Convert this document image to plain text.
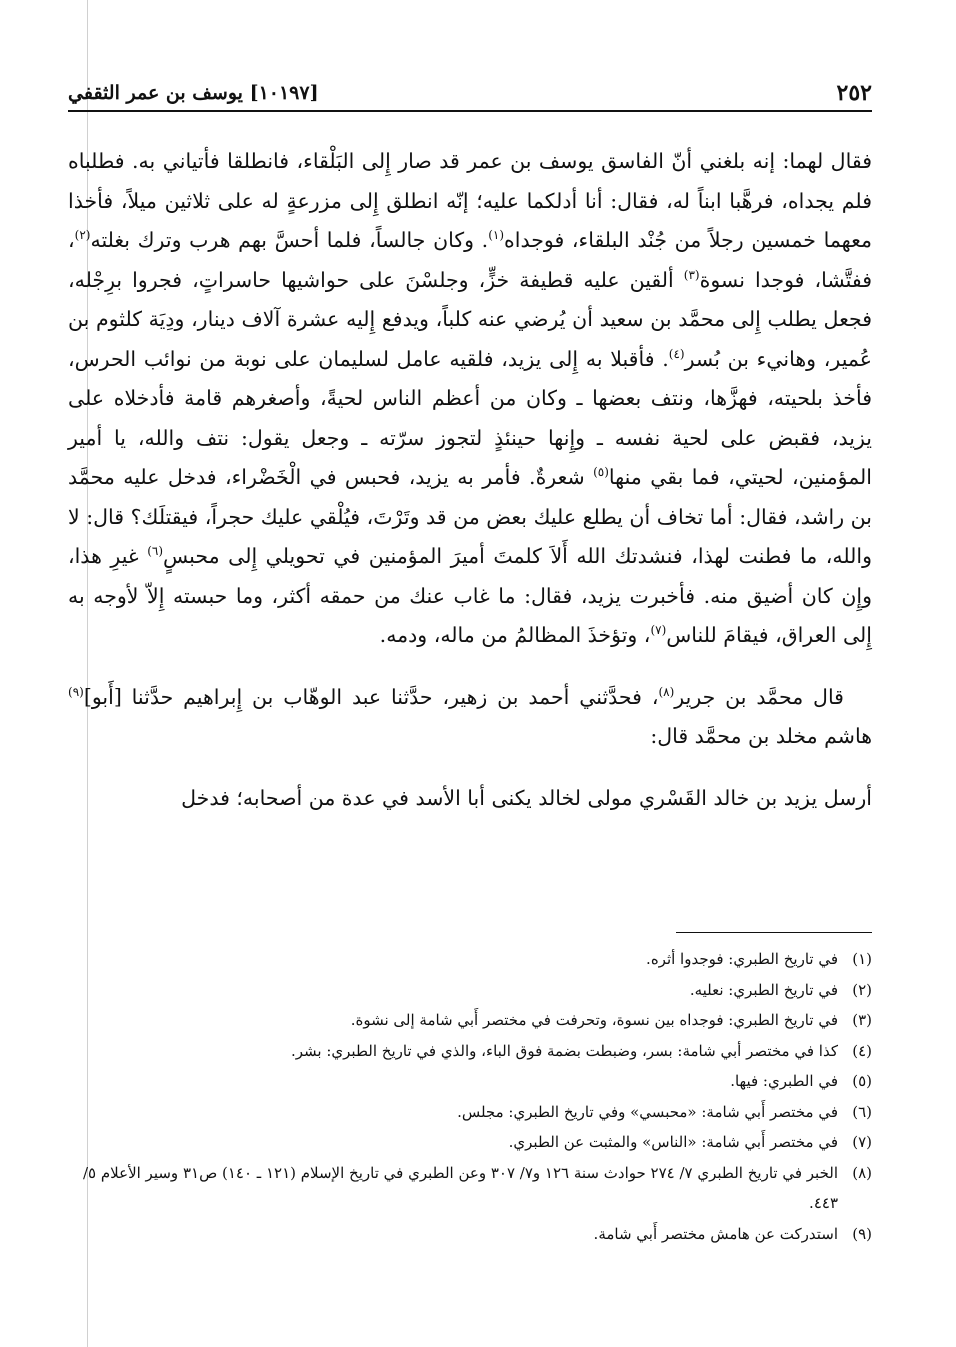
٢٥٢
[١٠١٩٧] يوسف بن عمر الثقفي

فقال لهما: إنه بلغني أنّ الفاسق يوسف بن عمر قد صار إِلى البَلْقاء، فانطلقا فأتياني به. فطلباه فلم يجداه، فرهَّبا ابناً له، فقال: أنا أدلكما عليه؛ إنّه انطلق إِلى مزرعةٍ له على ثلاثين ميلاً، فأخذا معهما خمسين رجلاً من جُنْد البلقاء، فوجداه$^{(١)}$. وكان جالساً، فلما أحسَّ بهم هرب وترك بغلته$^{(٢)}$، ففتَّشا، فوجدا نسوة$^{(٣)}$ ألقين عليه قطيفة خزٍّ، وجلسْنَ على حواشيها حاسراتٍ، فجروا برِجْله، فجعل يطلب إِلى محمَّد بن سعيد أن يُرضي عنه كلباً، ويدفع إِليه عشرة آلاف دينار، ودِيَة كلثوم بن عُمير، وهانيء بن بُسر$^{(٤)}$. فأقبلا به إِلى يزيد، فلقيه عامل لسليمان على نوبة من نوائب الحرس، فأخذ بلحيته، فهزَّها، ونتف بعضها ـ وكان من أعظم الناس لحيةً، وأصغرهم قامة فأدخلاه على يزيد، فقبض على لحية نفسه ـ وإِنها حينئذٍ لتجوز سرّته ـ وجعل يقول: نتف والله، يا أمير المؤمنين، لحيتي، فما بقي منها$^{(٥)}$ شعرةٌ. فأمر به يزيد، فحبس في الْخَضْراء، فدخل عليه محمَّد بن راشد، فقال: أما تخاف أن يطلع عليك بعض من قد وتَرْتَ، فيُلْقي عليك حجراً، فيقتلَك؟ قال: لا والله، ما فطنت لهذا، فنشدتك الله أَلاَ كلمتَ أميرَ المؤمنين في تحويلي إِلى محبسٍ$^{(٦)}$ غيرِ هذا، وإِن كان أضيق منه. فأخبرت يزيد، فقال: ما غاب عنك من حمقه أكثر، وما حبسته إِلاّ لأوجه به إِلى العراق، فيقامَ للناس$^{(٧)}$، وتؤخذَ المظالمُ من ماله، ودمه.

قال محمَّد بن جرير$^{(٨)}$، فحدَّثني أحمد بن زهير، حدَّثنا عبد الوهّاب بن إِبراهيم حدَّثنا [أَبو]$^{(٩)}$ هاشم مخلد بن محمَّد قال:

أرسل يزيد بن خالد القَسْري مولى لخالد يكنى أبا الأسد في عدة من أصحابه؛ فدخل

(١)
في تاريخ الطبري: فوجدوا أثره.
(٢)
في تاريخ الطبري: نعليه.
(٣)
في تاريخ الطبري: فوجداه بين نسوة، وتحرفت في مختصر أَبي شامة إلى نشوة.
(٤)
كذا في مختصر أبي شامة: بسر، وضبطت بضمة فوق الباء، والذي في تاريخ الطبري: بشر.
(٥)
في الطبري: فيها.
(٦)
في مختصر أَبي شامة: «محبسي» وفي تاريخ الطبري: مجلس.
(٧)
في مختصر أَبي شامة: «الناس» والمثبت عن الطبري.
(٨)
الخبر في تاريخ الطبري ٧/ ٢٧٤ حوادث سنة ١٢٦ و٧/ ٣٠٧ وعن الطبري في تاريخ الإسلام (١٢١ ـ ١٤٠) ص٣١ وسير الأعلام ٥/ ٤٤٣.
(٩)
استدركت عن هامش مختصر أَبي شامة.
